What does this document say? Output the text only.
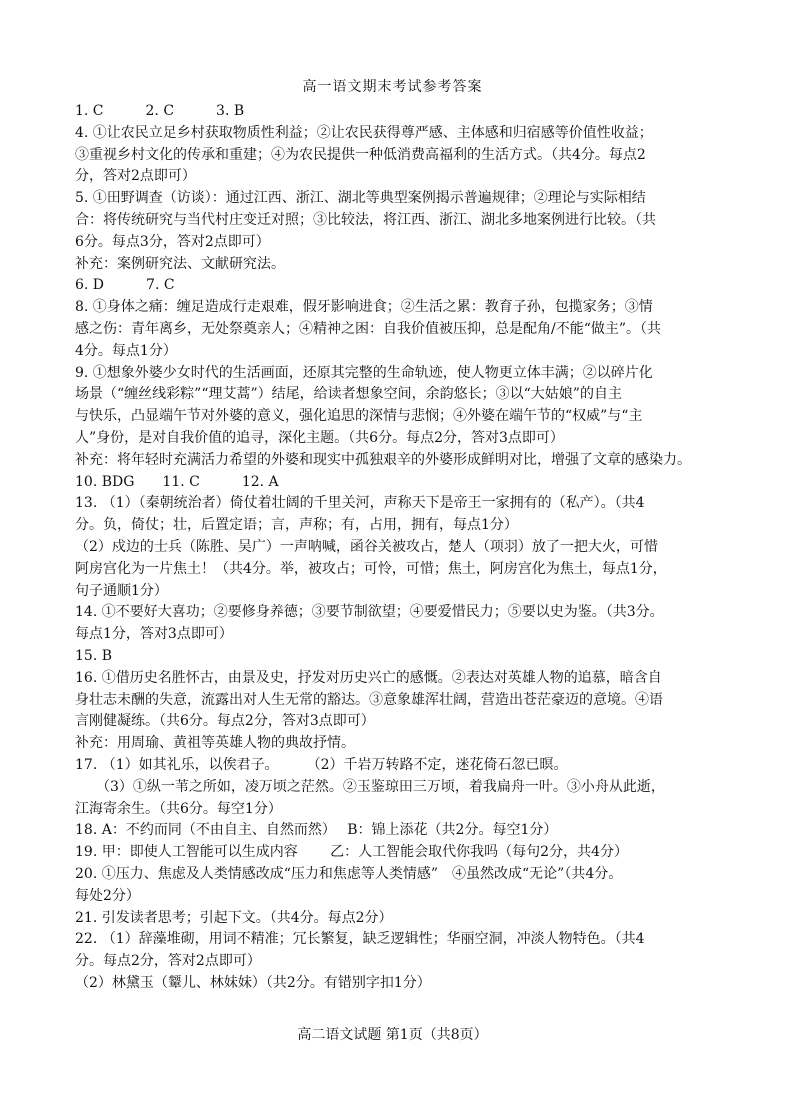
高一语文期末考试参考答案
1. C　　　2. C　　　3. B
4. ①让农民立足乡村获取物质性利益；②让农民获得尊严感、主体感和归宿感等价值性收益；
③重视乡村文化的传承和重建；④为农民提供一种低消费高福利的生活方式。（共4分。每点2
分，答对2点即可）
5. ①田野调查（访谈）：通过江西、浙江、湖北等典型案例揭示普遍规律；②理论与实际相结
合：将传统研究与当代村庄变迁对照；③比较法，将江西、浙江、湖北多地案例进行比较。（共
6分。每点3分，答对2点即可）
补充：案例研究法、文献研究法。
6. D　　　7. C
8. ①身体之痛：缠足造成行走艰难，假牙影响进食；②生活之累：教育子孙，包揽家务；③情
感之伤：青年离乡，无处祭奠亲人；④精神之困：自我价值被压抑，总是配角/不能“做主”。（共
4分。每点1分）
9. ①想象外婆少女时代的生活画面，还原其完整的生命轨迹，使人物更立体丰满；②以碎片化
场景（“缠丝线彩粽”“理艾蒿”）结尾，给读者想象空间，余韵悠长；③以“大姑娘”的自主
与快乐，凸显端午节对外婆的意义，强化追思的深情与悲悯；④外婆在端午节的“权威”与“主
人”身份，是对自我价值的追寻，深化主题。（共6分。每点2分，答对3点即可）
补充：将年轻时充满活力希望的外婆和现实中孤独艰辛的外婆形成鲜明对比，增强了文章的感染力。
10. BDG　　11. C　　　12. A
13. （1）（秦朝统治者）倚仗着壮阔的千里关河，声称天下是帝王一家拥有的（私产）。（共4
分。负，倚仗；壮，后置定语；言，声称；有，占用，拥有，每点1分）
（2）戍边的士兵（陈胜、吴广）一声呐喊，函谷关被攻占，楚人（项羽）放了一把大火，可惜
阿房宫化为一片焦土！（共4分。举，被攻占；可怜，可惜；焦土，阿房宫化为焦土，每点1分，
句子通顺1分）
14. ①不要好大喜功；②要修身养德；③要节制欲望；④要爱惜民力；⑤要以史为鉴。（共3分。
每点1分，答对3点即可）
15. B
16. ①借历史名胜怀古，由景及史，抒发对历史兴亡的感慨。②表达对英雄人物的追慕，暗含自
身壮志未酬的失意，流露出对人生无常的豁达。③意象雄浑壮阔，营造出苍茫豪迈的意境。④语
言刚健凝练。（共6分。每点2分，答对3点即可）
补充：用周瑜、黄祖等英雄人物的典故抒情。
17. （1）如其礼乐，以俟君子。　　　（2）千岩万转路不定，迷花倚石忽已暝。
　　（3）①纵一苇之所如，凌万顷之茫然。②玉鉴琼田三万顷，着我扁舟一叶。③小舟从此逝，
江海寄余生。（共6分。每空1分）
18. A：不约而同（不由自主、自然而然）　 B：锦上添花（共2分。每空1分）
19. 甲：即使人工智能可以生成内容　　 乙：人工智能会取代你我吗（每句2分，共4分）
20. ①压力、焦虑及人类情感改成“压力和焦虑等人类情感”　④虽然改成“无论”（共4分。
每处2分）
21. 引发读者思考；引起下文。（共4分。每点2分）
22. （1）辞藻堆砌，用词不精准；冗长繁复，缺乏逻辑性；华丽空洞，冲淡人物特色。（共4
分。每点2分，答对2点即可）
（2）林黛玉（颦儿、林妹妹）（共2分。有错别字扣1分）
高二语文试题 第1页（共8页）
